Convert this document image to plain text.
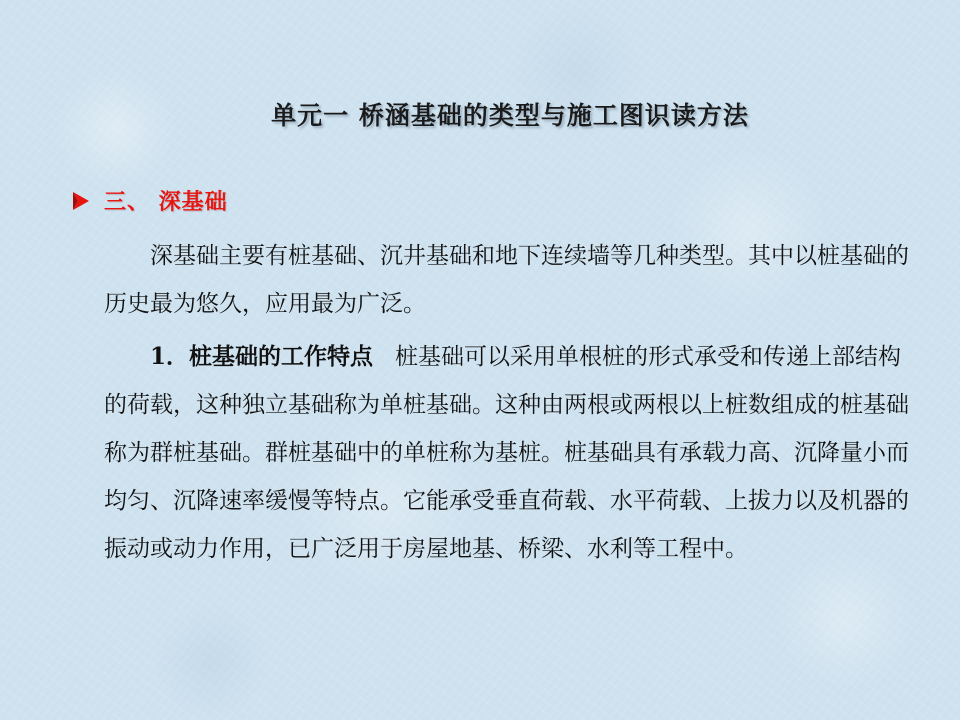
单元一 桥涵基础的类型与施工图识读方法
三、 深基础

深基础主要有桩基础、沉井基础和地下连续墙等几种类型。其中以桩基础的历史最为悠久，应用最为广泛。

1．桩基础的工作特点   桩基础可以采用单根桩的形式承受和传递上部结构的荷载，这种独立基础称为单桩基础。这种由两根或两根以上桩数组成的桩基础称为群桩基础。群桩基础中的单桩称为基桩。桩基础具有承载力高、沉降量小而均匀、沉降速率缓慢等特点。它能承受垂直荷载、水平荷载、上拔力以及机器的振动或动力作用，已广泛用于房屋地基、桥梁、水利等工程中。
